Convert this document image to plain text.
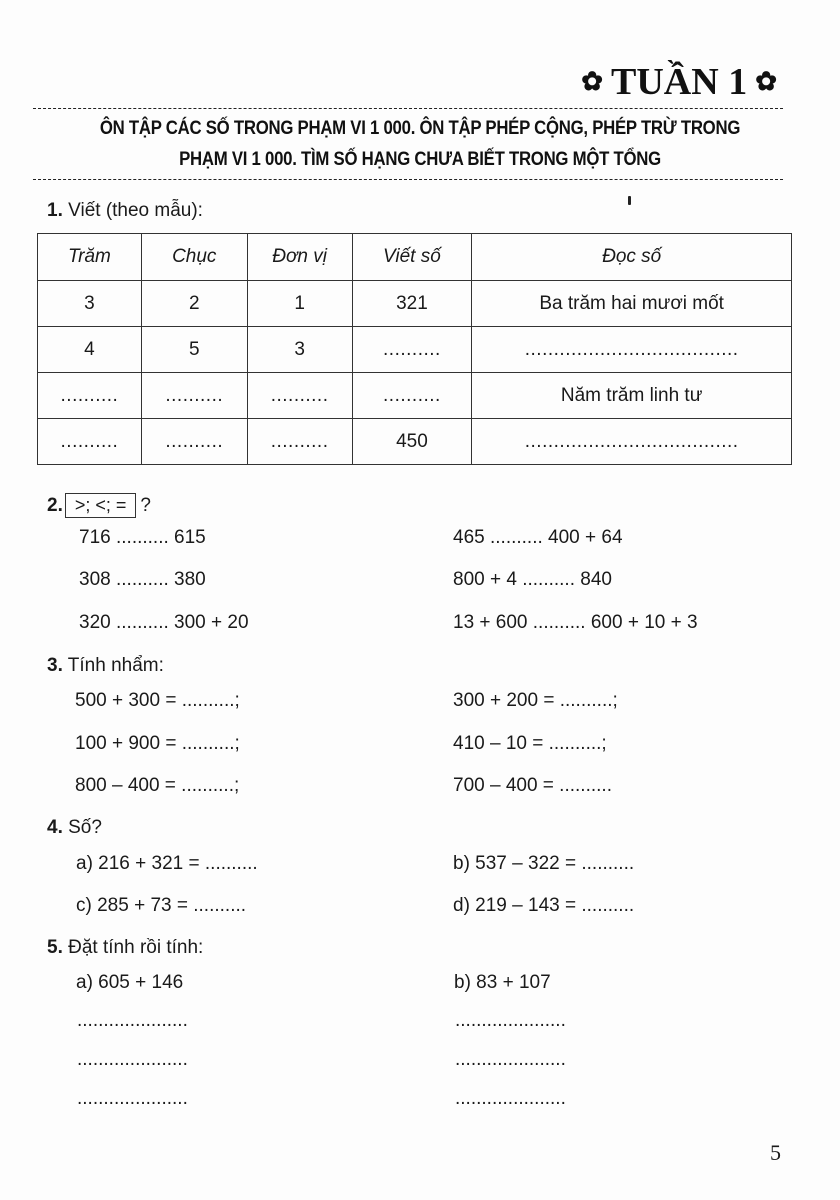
✿ TUẦN 1 ✿
ÔN TẬP CÁC SỐ TRONG PHẠM VI 1 000. ÔN TẬP PHÉP CỘNG, PHÉP TRỪ TRONG
PHẠM VI 1 000. TÌM SỐ HẠNG CHƯA BIẾT TRONG MỘT TỔNG
1. Viết (theo mẫu):
Trăm	Chục	Đơn vị	Viết số	Đọc số
3	2	1	321	Ba trăm hai mươi mốt
4	5	3	..........	.....................................
..........	..........	..........	..........	Năm trăm linh tư
..........	..........	..........	450	.....................................
2. >; <; = ?
716 .......... 615
308 .......... 380
320 .......... 300 + 20
465 .......... 400 + 64
800 + 4 .......... 840
13 + 600 .......... 600 + 10 + 3
3. Tính nhẩm:
500 + 300 = ..........;
100 + 900 = ..........;
800 – 400 = ..........;
300 + 200 = ..........;
410 – 10 = ..........;
700 – 400 = ..........
4. Số?
a) 216 + 321 = ..........
c) 285 + 73 = ..........
b) 537 – 322 = ..........
d) 219 – 143 = ..........
5. Đặt tính rồi tính:
a) 605 + 146	b) 83 + 107
.....................
.....................
.....................
.....................
.....................
.....................
5
